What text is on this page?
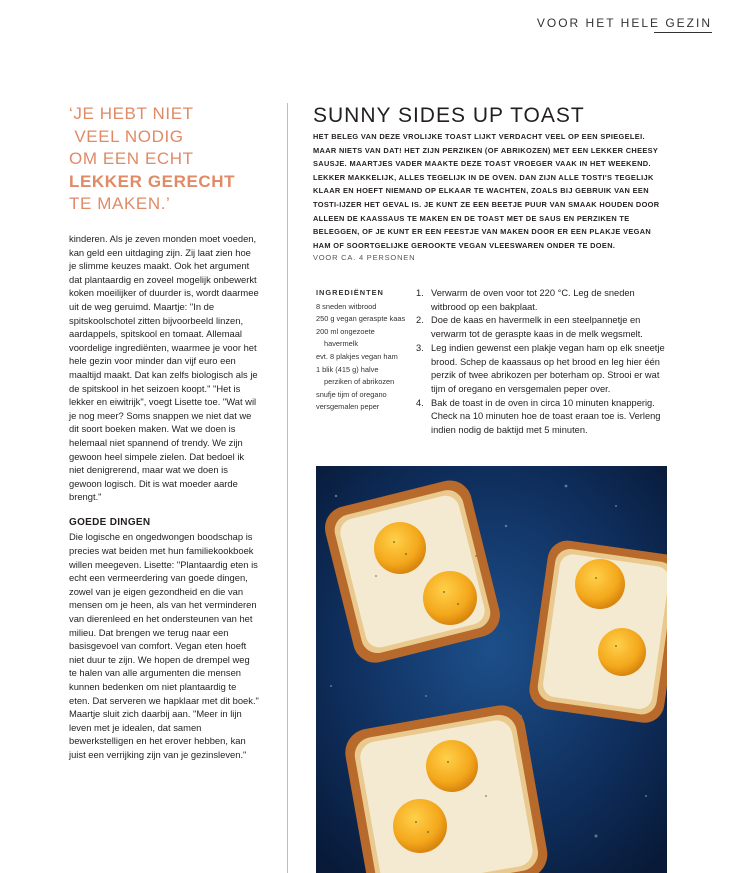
VOOR HET HELE GEZIN
‘JE HEBT NIET
VEEL NODIG
OM EEN ECHT
LEKKER GERECHT
TE MAKEN.’

kinderen. Als je zeven monden moet voeden, kan geld een uitdaging zijn. Zij laat zien hoe je slimme keuzes maakt. Ook het argument dat plantaardig en zoveel mogelijk onbewerkt koken moeilijker of duurder is, wordt daarmee uit de weg geruimd. Maartje: "In de spitskoolschotel zitten bijvoorbeeld linzen, aardappels, spitskool en tomaat. Allemaal voordelige ingrediënten, waarmee je voor het hele gezin voor minder dan vijf euro een maaltijd maakt. Dat kan zelfs biologisch als je de spitskool in het seizoen koopt." "Het is lekker en eiwitrijk", voegt Lisette toe. "Wat wil je nog meer? Soms snappen we niet dat we dit soort boeken maken. Wat we doen is helemaal niet spannend of trendy. We zijn gewoon heel simpele zielen. Dat bedoel ik niet denigrerend, maar wat we doen is gewoon logisch. Dit is wat moeder aarde brengt."

GOEDE DINGEN

Die logische en ongedwongen boodschap is precies wat beiden met hun familiekookboek willen meegeven. Lisette: "Plantaardig eten is echt een vermeerdering van goede dingen, zowel van je eigen gezondheid en die van mensen om je heen, als van het verminderen van dierenleed en het ondersteunen van het milieu. Dat brengen we terug naar een basisgevoel van comfort. Vegan eten hoeft niet duur te zijn. We hopen de drempel weg te halen van alle argumenten die mensen kunnen bedenken om niet plantaardig te eten. Dat serveren we hapklaar met dit boek." Maartje sluit zich daarbij aan. "Meer in lijn leven met je idealen, dat samen bewerkstelligen en het erover hebben, kan juist een verrijking zijn van je gezinsleven."

SUNNY SIDES UP TOAST
HET BELEG VAN DEZE VROLIJKE TOAST LIJKT VERDACHT VEEL OP EEN SPIEGELEI. MAAR NIETS VAN DAT! HET ZIJN PERZIKEN (OF ABRIKOZEN) MET EEN LEKKER CHEESY SAUSJE. MAARTJES VADER MAAKTE DEZE TOAST VROEGER VAAK IN HET WEEKEND. LEKKER MAKKELIJK, ALLES TEGELIJK IN DE OVEN. DAN ZIJN ALLE TOSTI'S TEGELIJK KLAAR EN HOEFT NIEMAND OP ELKAAR TE WACHTEN, ZOALS BIJ GEBRUIK VAN EEN TOSTI-IJZER HET GEVAL IS. JE KUNT ZE EEN BEETJE PUUR VAN SMAAK HOUDEN DOOR ALLEEN DE KAASSAUS TE MAKEN EN DE TOAST MET DE SAUS EN PERZIKEN TE BELEGGEN, OF JE KUNT ER EEN FEESTJE VAN MAKEN DOOR ER EEN PLAKJE VEGAN HAM OF SOORTGELIJKE GEROOKTE VEGAN VLEESWAREN ONDER TE DOEN.
VOOR CA. 4 PERSONEN
INGREDIËNTEN
8 sneden witbrood
250 g vegan geraspte kaas
200 ml ongezoete havermelk
evt. 8 plakjes vegan ham
1 blik (415 g) halve perziken of abrikozen
snufje tijm of oregano
versgemalen peper
1. Verwarm de oven voor tot 220 °C. Leg de sneden witbrood op een bakplaat.
2. Doe de kaas en havermelk in een steelpannetje en verwarm tot de geraspte kaas in de melk wegsmelt.
3. Leg indien gewenst een plakje vegan ham op elk sneetje brood. Schep de kaassaus op het brood en leg hier één perzik of twee abrikozen per boterham op. Strooi er wat tijm of oregano en versgemalen peper over.
4. Bak de toast in de oven in circa 10 minuten knapperig. Check na 10 minuten hoe de toast eraan toe is. Verleng indien nodig de baktijd met 5 minuten.
